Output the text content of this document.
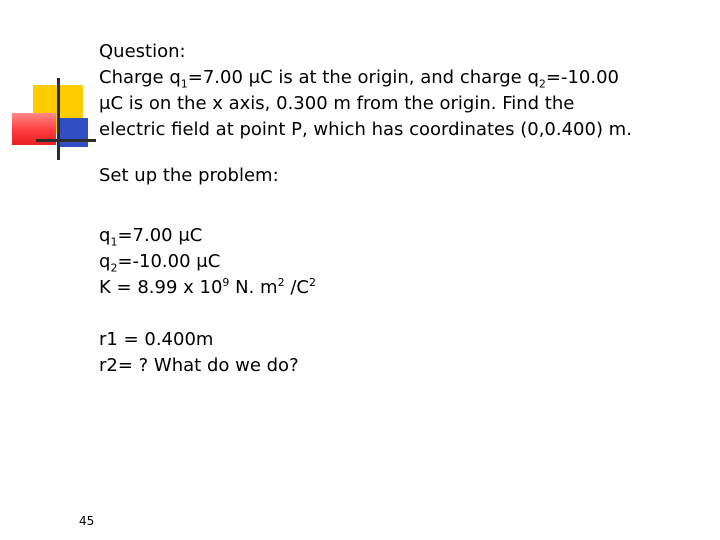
Question:
Charge $q_1=7.00$ μC is at the origin, and charge $q_2=-10.00$
μC is on the x axis, 0.300 m from the origin. Find the
electric field at point P, which has coordinates (0,0.400) m.
Set up the problem:
$q_1=7.00$ μC
$q_2=-10.00$ μC
K = 8.99 x $10^9$ N. $m^2$ $/C^2$
r1 = 0.400m
r2= ? What do we do?
45
